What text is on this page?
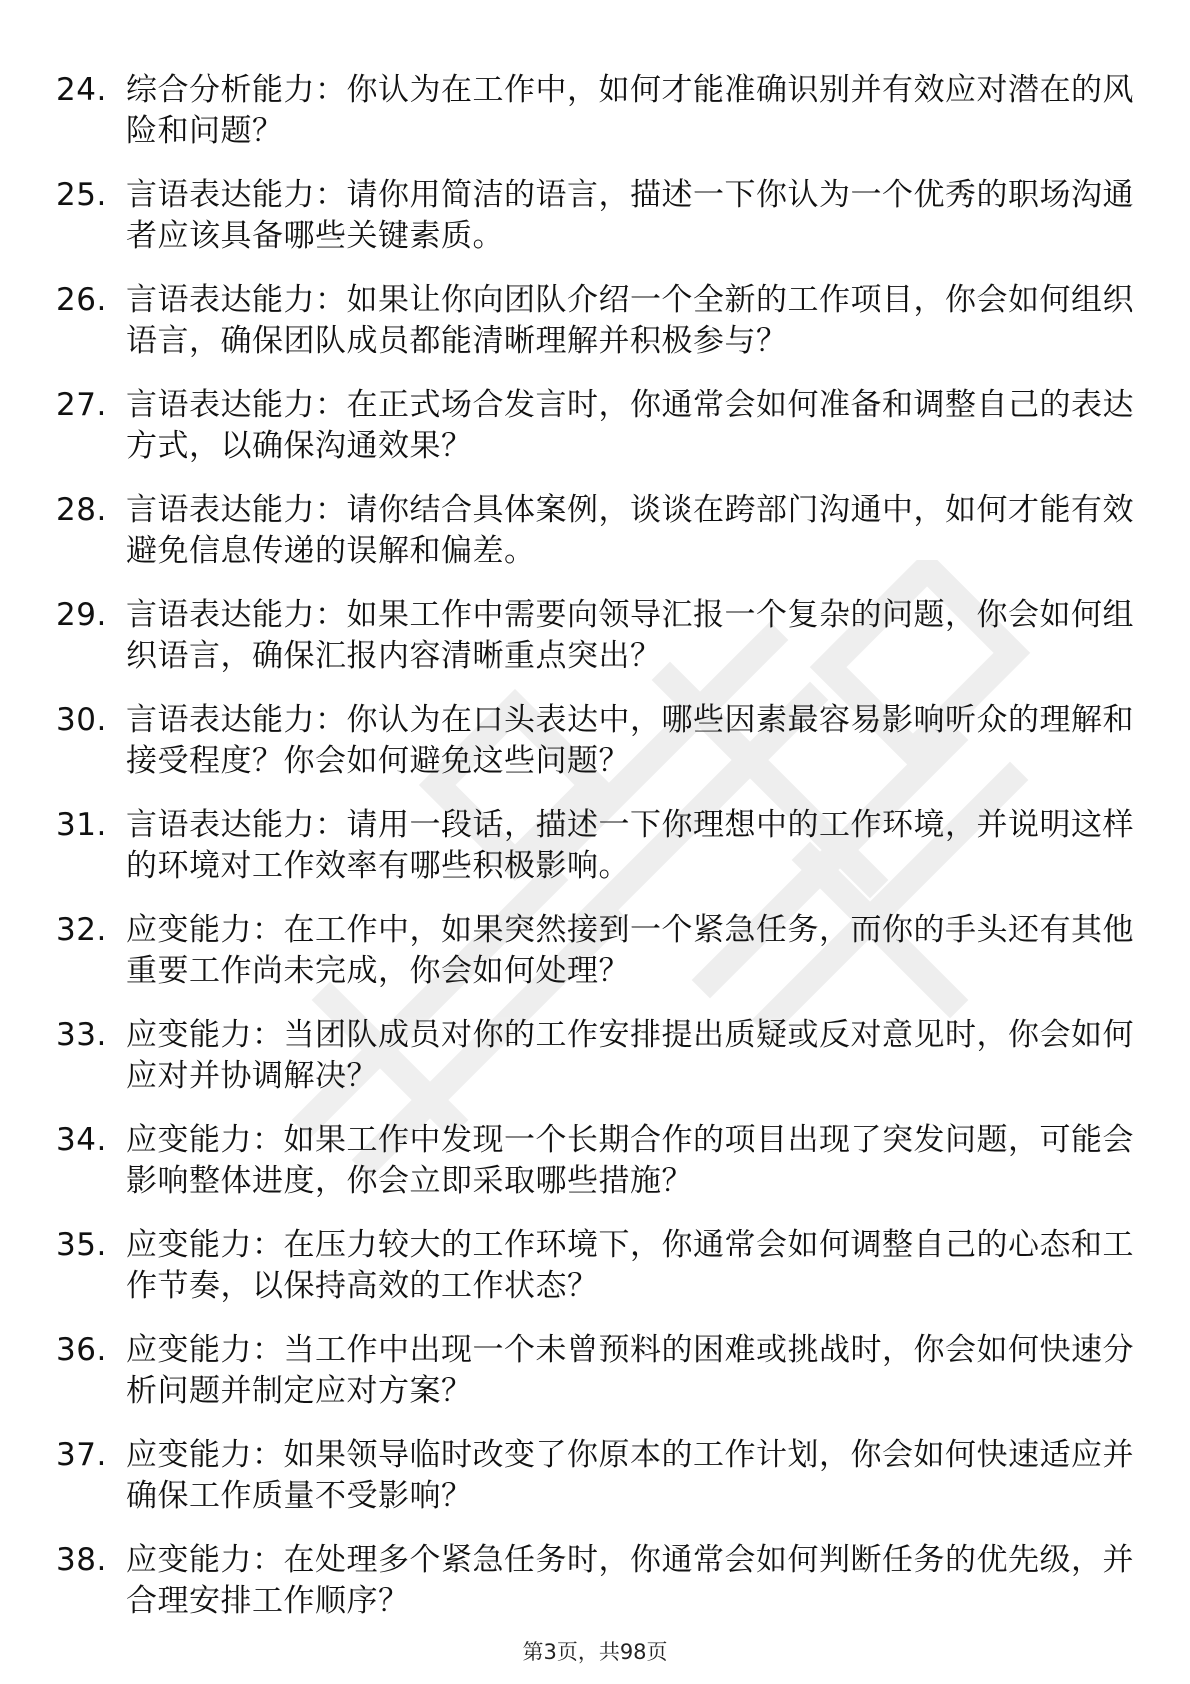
24. 综合分析能力：你认为在工作中，如何才能准确识别并有效应对潜在的风险和问题？
25. 言语表达能力：请你用简洁的语言，描述一下你认为一个优秀的职场沟通者应该具备哪些关键素质。
26. 言语表达能力：如果让你向团队介绍一个全新的工作项目，你会如何组织语言，确保团队成员都能清晰理解并积极参与？
27. 言语表达能力：在正式场合发言时，你通常会如何准备和调整自己的表达方式，以确保沟通效果？
28. 言语表达能力：请你结合具体案例，谈谈在跨部门沟通中，如何才能有效避免信息传递的误解和偏差。
29. 言语表达能力：如果工作中需要向领导汇报一个复杂的问题，你会如何组织语言，确保汇报内容清晰重点突出？
30. 言语表达能力：你认为在口头表达中，哪些因素最容易影响听众的理解和接受程度？你会如何避免这些问题？
31. 言语表达能力：请用一段话，描述一下你理想中的工作环境，并说明这样的环境对工作效率有哪些积极影响。
32. 应变能力：在工作中，如果突然接到一个紧急任务，而你的手头还有其他重要工作尚未完成，你会如何处理？
33. 应变能力：当团队成员对你的工作安排提出质疑或反对意见时，你会如何应对并协调解决？
34. 应变能力：如果工作中发现一个长期合作的项目出现了突发问题，可能会影响整体进度，你会立即采取哪些措施？
35. 应变能力：在压力较大的工作环境下，你通常会如何调整自己的心态和工作节奏，以保持高效的工作状态？
36. 应变能力：当工作中出现一个未曾预料的困难或挑战时，你会如何快速分析问题并制定应对方案？
37. 应变能力：如果领导临时改变了你原本的工作计划，你会如何快速适应并确保工作质量不受影响？
38. 应变能力：在处理多个紧急任务时，你通常会如何判断任务的优先级，并合理安排工作顺序？
第3页，共98页
